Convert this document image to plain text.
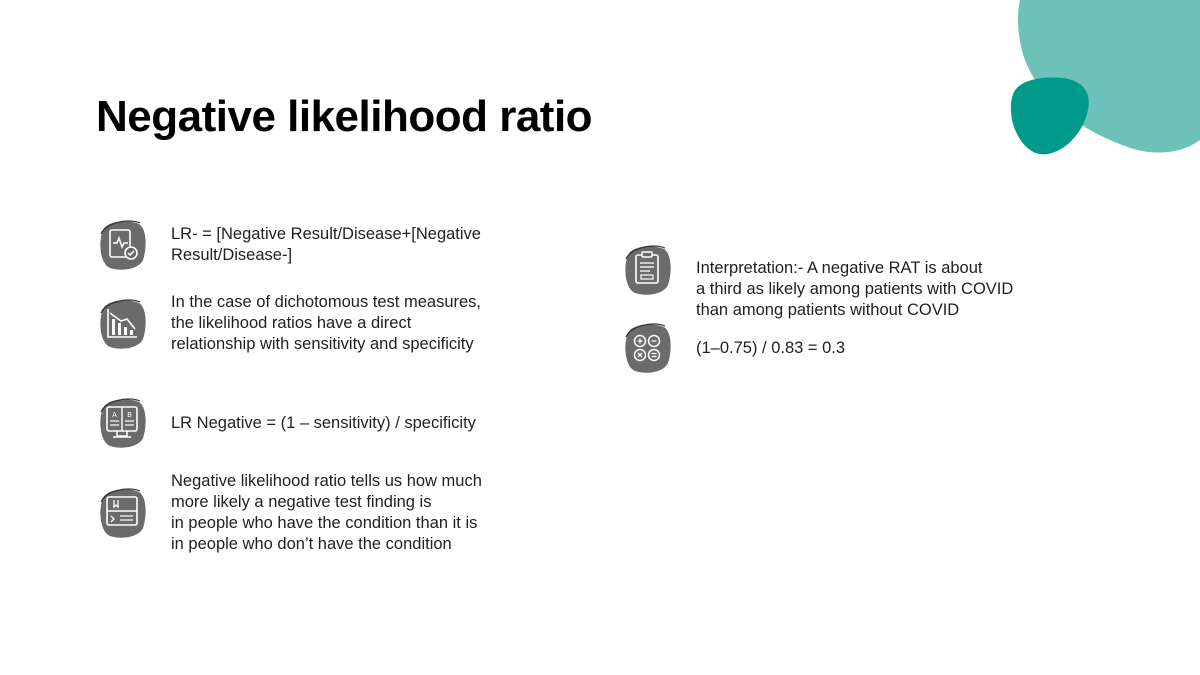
Negative likelihood ratio
LR- = [Negative Result/Disease+[Negative
Result/Disease-]
In the case of dichotomous test measures,
the likelihood ratios have a direct
relationship with sensitivity and specificity
A B LR Negative = (1 – sensitivity) / specificity
Negative likelihood ratio tells us how much
more likely a negative test finding is
in people who have the condition than it is
in people who don’t have the condition
Interpretation:- A negative RAT is about
a third as likely among patients with COVID
than among patients without COVID
(1–0.75) / 0.83 = 0.3
